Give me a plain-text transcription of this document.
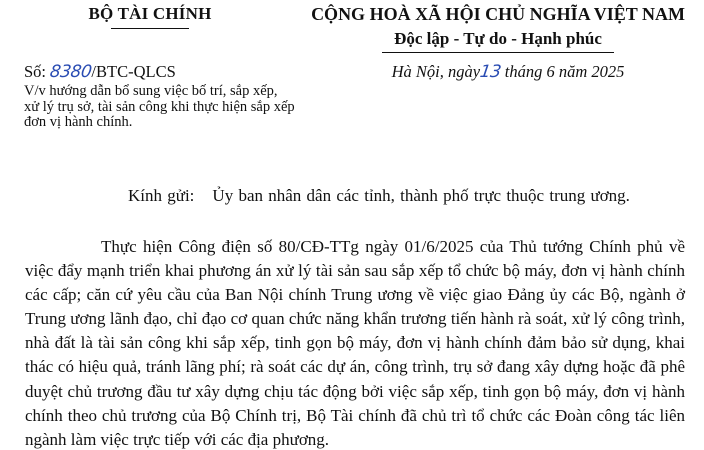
BỘ TÀI CHÍNH	CỘNG HOÀ XÃ HỘI CHỦ NGHĨA VIỆT NAM
Độc lập - Tự do - Hạnh phúc
Số: 8380/BTC-QLCS	Hà Nội, ngày13 tháng 6 năm 2025
V/v hướng dẫn bổ sung việc bố trí, sắp xếp, xử lý trụ sở, tài sản công khi thực hiện sắp xếp đơn vị hành chính.
Kính gửi: Ủy ban nhân dân các tỉnh, thành phố trực thuộc trung ương.
Thực hiện Công điện số 80/CĐ-TTg ngày 01/6/2025 của Thủ tướng Chính phủ về việc đẩy mạnh triển khai phương án xử lý tài sản sau sắp xếp tổ chức bộ máy, đơn vị hành chính các cấp; căn cứ yêu cầu của Ban Nội chính Trung ương về việc giao Đảng ủy các Bộ, ngành ở Trung ương lãnh đạo, chỉ đạo cơ quan chức năng khẩn trương tiến hành rà soát, xử lý công trình, nhà đất là tài sản công khi sắp xếp, tinh gọn bộ máy, đơn vị hành chính đảm bảo sử dụng, khai thác có hiệu quả, tránh lãng phí; rà soát các dự án, công trình, trụ sở đang xây dựng hoặc đã phê duyệt chủ trương đầu tư xây dựng chịu tác động bởi việc sắp xếp, tinh gọn bộ máy, đơn vị hành chính theo chủ trương của Bộ Chính trị, Bộ Tài chính đã chủ trì tổ chức các Đoàn công tác liên ngành làm việc trực tiếp với các địa phương.
